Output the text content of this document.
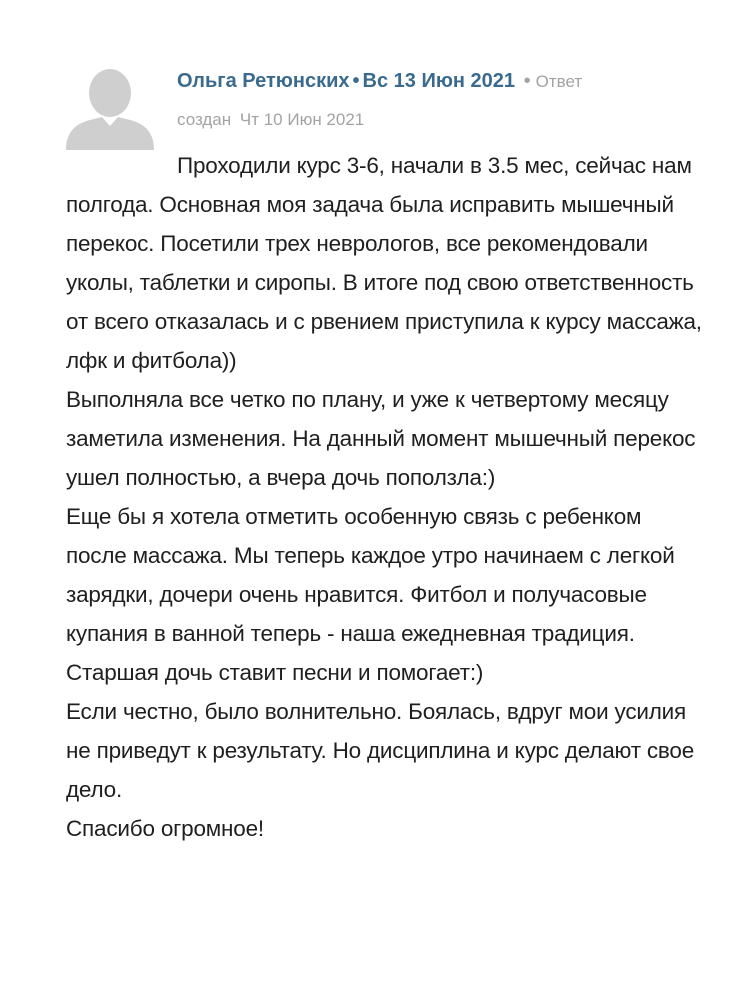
Ольга Ретюнских • Вс 13 Июн 2021 • Ответ
создан Чт 10 Июн 2021

Проходили курс 3-6, начали в 3.5 мес, сейчас нам полгода. Основная моя задача была исправить мышечный перекос. Посетили трех неврологов, все рекомендовали уколы, таблетки и сиропы. В итоге под свою ответственность от всего отказалась и с рвением приступила к курсу массажа, лфк и фитбола))

Выполняла все четко по плану, и уже к четвертому месяцу заметила изменения. На данный момент мышечный перекос ушел полностью, а вчера дочь поползла:)

Еще бы я хотела отметить особенную связь с ребенком после массажа. Мы теперь каждое утро начинаем с легкой зарядки, дочери очень нравится. Фитбол и получасовые купания в ванной теперь - наша ежедневная традиция. Старшая дочь ставит песни и помогает:)

Если честно, было волнительно. Боялась, вдруг мои усилия не приведут к результату. Но дисциплина и курс делают свое дело.

Спасибо огромное!
